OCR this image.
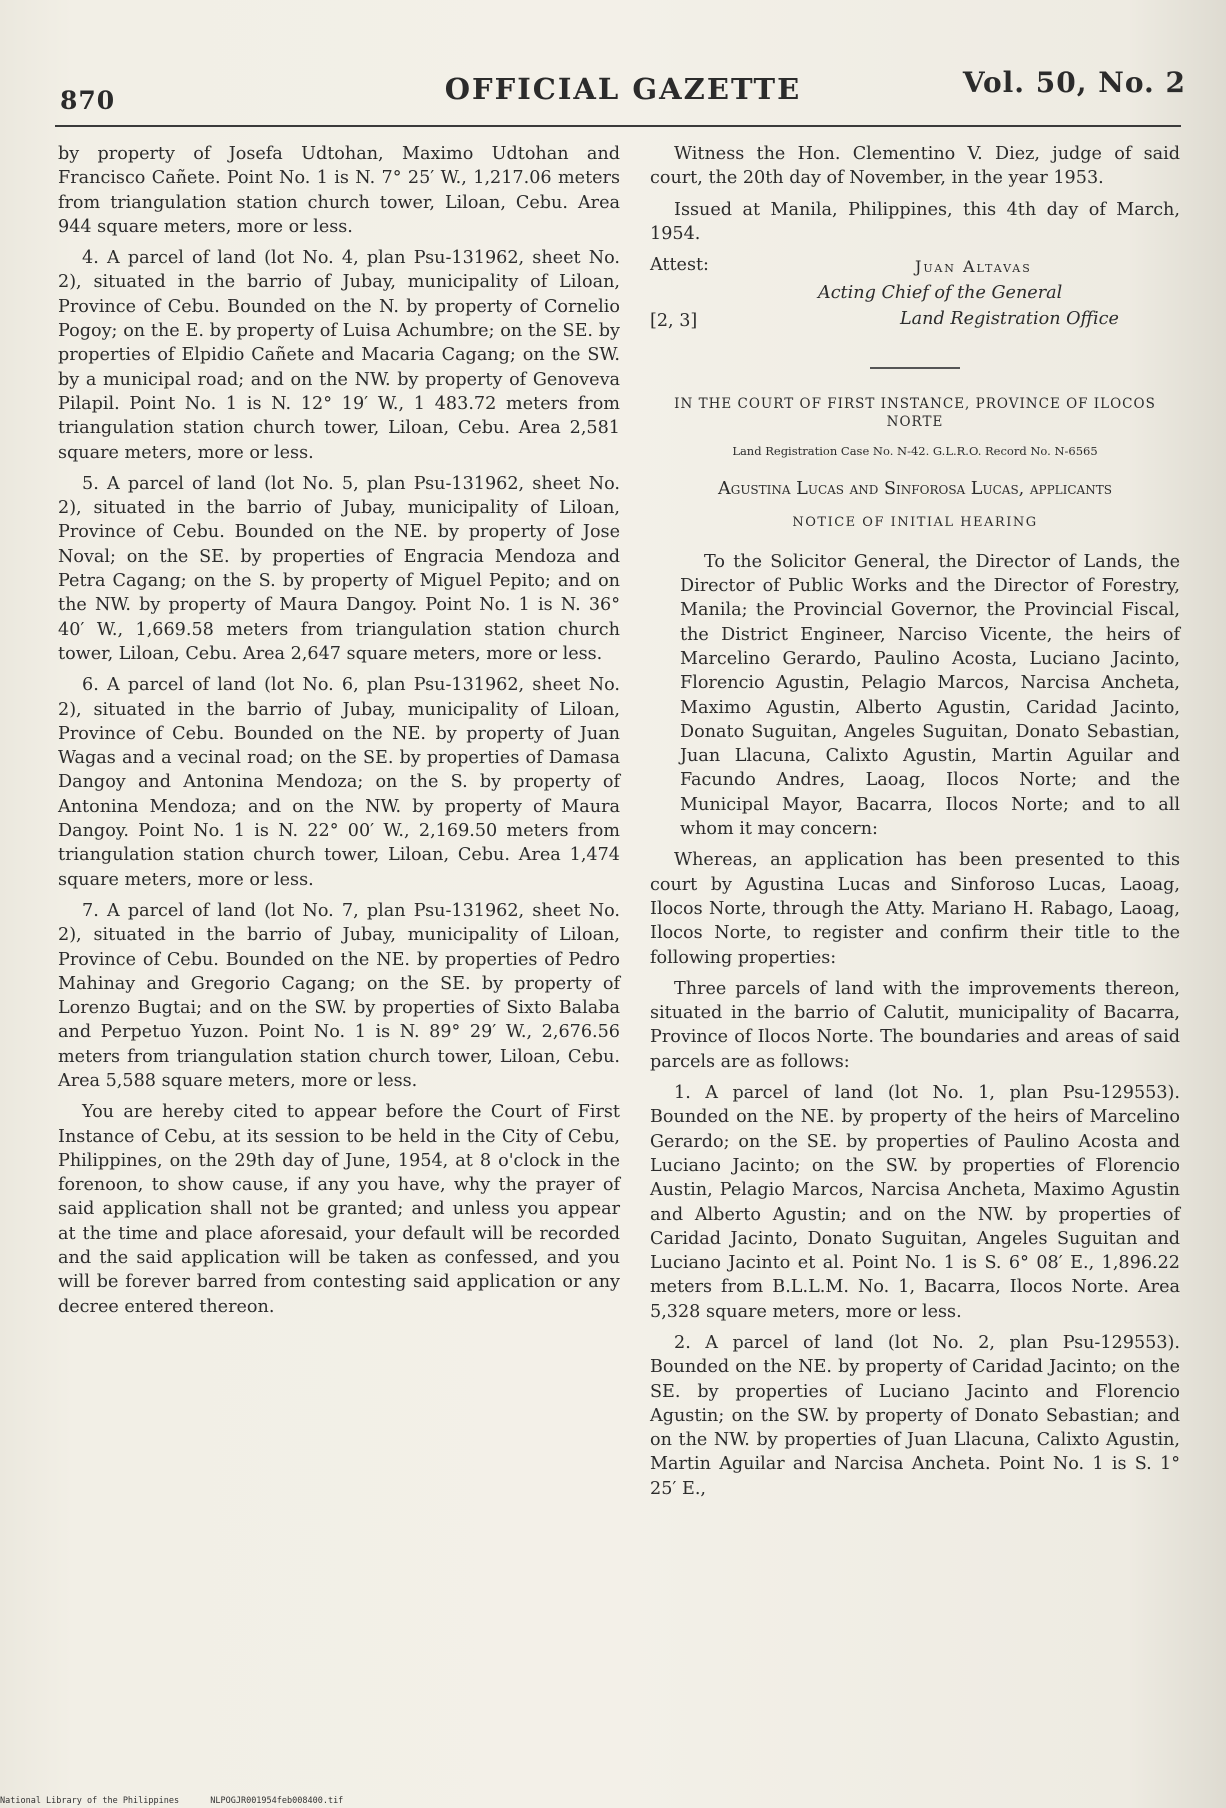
870	OFFICIAL GAZETTE	Vol. 50, No. 2

by property of Josefa Udtohan, Maximo Udtohan and Francisco Cañete. Point No. 1 is N. 7° 25′ W., 1,217.06 meters from triangulation station church tower, Liloan, Cebu. Area 944 square meters, more or less.

4. A parcel of land (lot No. 4, plan Psu-131962, sheet No. 2), situated in the barrio of Jubay, municipality of Liloan, Province of Cebu. Bounded on the N. by property of Cornelio Pogoy; on the E. by property of Luisa Achumbre; on the SE. by properties of Elpidio Cañete and Macaria Cagang; on the SW. by a municipal road; and on the NW. by property of Genoveva Pilapil. Point No. 1 is N. 12° 19′ W., 1 483.72 meters from triangulation station church tower, Liloan, Cebu. Area 2,581 square meters, more or less.

5. A parcel of land (lot No. 5, plan Psu-131962, sheet No. 2), situated in the barrio of Jubay, municipality of Liloan, Province of Cebu. Bounded on the NE. by property of Jose Noval; on the SE. by properties of Engracia Mendoza and Petra Cagang; on the S. by property of Miguel Pepito; and on the NW. by property of Maura Dangoy. Point No. 1 is N. 36° 40′ W., 1,669.58 meters from triangulation station church tower, Liloan, Cebu. Area 2,647 square meters, more or less.

6. A parcel of land (lot No. 6, plan Psu-131962, sheet No. 2), situated in the barrio of Jubay, municipality of Liloan, Province of Cebu. Bounded on the NE. by property of Juan Wagas and a vecinal road; on the SE. by properties of Damasa Dangoy and Antonina Mendoza; on the S. by property of Antonina Mendoza; and on the NW. by property of Maura Dangoy. Point No. 1 is N. 22° 00′ W., 2,169.50 meters from triangulation station church tower, Liloan, Cebu. Area 1,474 square meters, more or less.

7. A parcel of land (lot No. 7, plan Psu-131962, sheet No. 2), situated in the barrio of Jubay, municipality of Liloan, Province of Cebu. Bounded on the NE. by properties of Pedro Mahinay and Gregorio Cagang; on the SE. by property of Lorenzo Bugtai; and on the SW. by properties of Sixto Balaba and Perpetuo Yuzon. Point No. 1 is N. 89° 29′ W., 2,676.56 meters from triangulation station church tower, Liloan, Cebu. Area 5,588 square meters, more or less.

You are hereby cited to appear before the Court of First Instance of Cebu, at its session to be held in the City of Cebu, Philippines, on the 29th day of June, 1954, at 8 o'clock in the forenoon, to show cause, if any you have, why the prayer of said application shall not be granted; and unless you appear at the time and place aforesaid, your default will be recorded and the said application will be taken as confessed, and you will be forever barred from contesting said application or any decree entered thereon.

Witness the Hon. Clementino V. Diez, judge of said court, the 20th day of November, in the year 1953.

Issued at Manila, Philippines, this 4th day of March, 1954.

Attest:	Juan Altavas
Acting Chief of the General
[2, 3]	Land Registration Office
IN THE COURT OF FIRST INSTANCE, PROVINCE OF ILOCOS NORTE
Land Registration Case No. N-42. G.L.R.O. Record No. N-6565
Agustina Lucas and Sinforosa Lucas, applicants
NOTICE OF INITIAL HEARING

To the Solicitor General, the Director of Lands, the Director of Public Works and the Director of Forestry, Manila; the Provincial Governor, the Provincial Fiscal, the District Engineer, Narciso Vicente, the heirs of Marcelino Gerardo, Paulino Acosta, Luciano Jacinto, Florencio Agustin, Pelagio Marcos, Narcisa Ancheta, Maximo Agustin, Alberto Agustin, Caridad Jacinto, Donato Suguitan, Angeles Suguitan, Donato Sebastian, Juan Llacuna, Calixto Agustin, Martin Aguilar and Facundo Andres, Laoag, Ilocos Norte; and the Municipal Mayor, Bacarra, Ilocos Norte; and to all whom it may concern:

Whereas, an application has been presented to this court by Agustina Lucas and Sinforoso Lucas, Laoag, Ilocos Norte, through the Atty. Mariano H. Rabago, Laoag, Ilocos Norte, to register and confirm their title to the following properties:

Three parcels of land with the improvements thereon, situated in the barrio of Calutit, municipality of Bacarra, Province of Ilocos Norte. The boundaries and areas of said parcels are as follows:

1. A parcel of land (lot No. 1, plan Psu-129553). Bounded on the NE. by property of the heirs of Marcelino Gerardo; on the SE. by properties of Paulino Acosta and Luciano Jacinto; on the SW. by properties of Florencio Austin, Pelagio Marcos, Narcisa Ancheta, Maximo Agustin and Alberto Agustin; and on the NW. by properties of Caridad Jacinto, Donato Suguitan, Angeles Suguitan and Luciano Jacinto et al. Point No. 1 is S. 6° 08′ E., 1,896.22 meters from B.L.L.M. No. 1, Bacarra, Ilocos Norte. Area 5,328 square meters, more or less.

2. A parcel of land (lot No. 2, plan Psu-129553). Bounded on the NE. by property of Caridad Jacinto; on the SE. by properties of Luciano Jacinto and Florencio Agustin; on the SW. by property of Donato Sebastian; and on the NW. by properties of Juan Llacuna, Calixto Agustin, Martin Aguilar and Narcisa Ancheta. Point No. 1 is S. 1° 25′ E.,

National Library of the Philippines	NLPOGJR001954feb008400.tif
